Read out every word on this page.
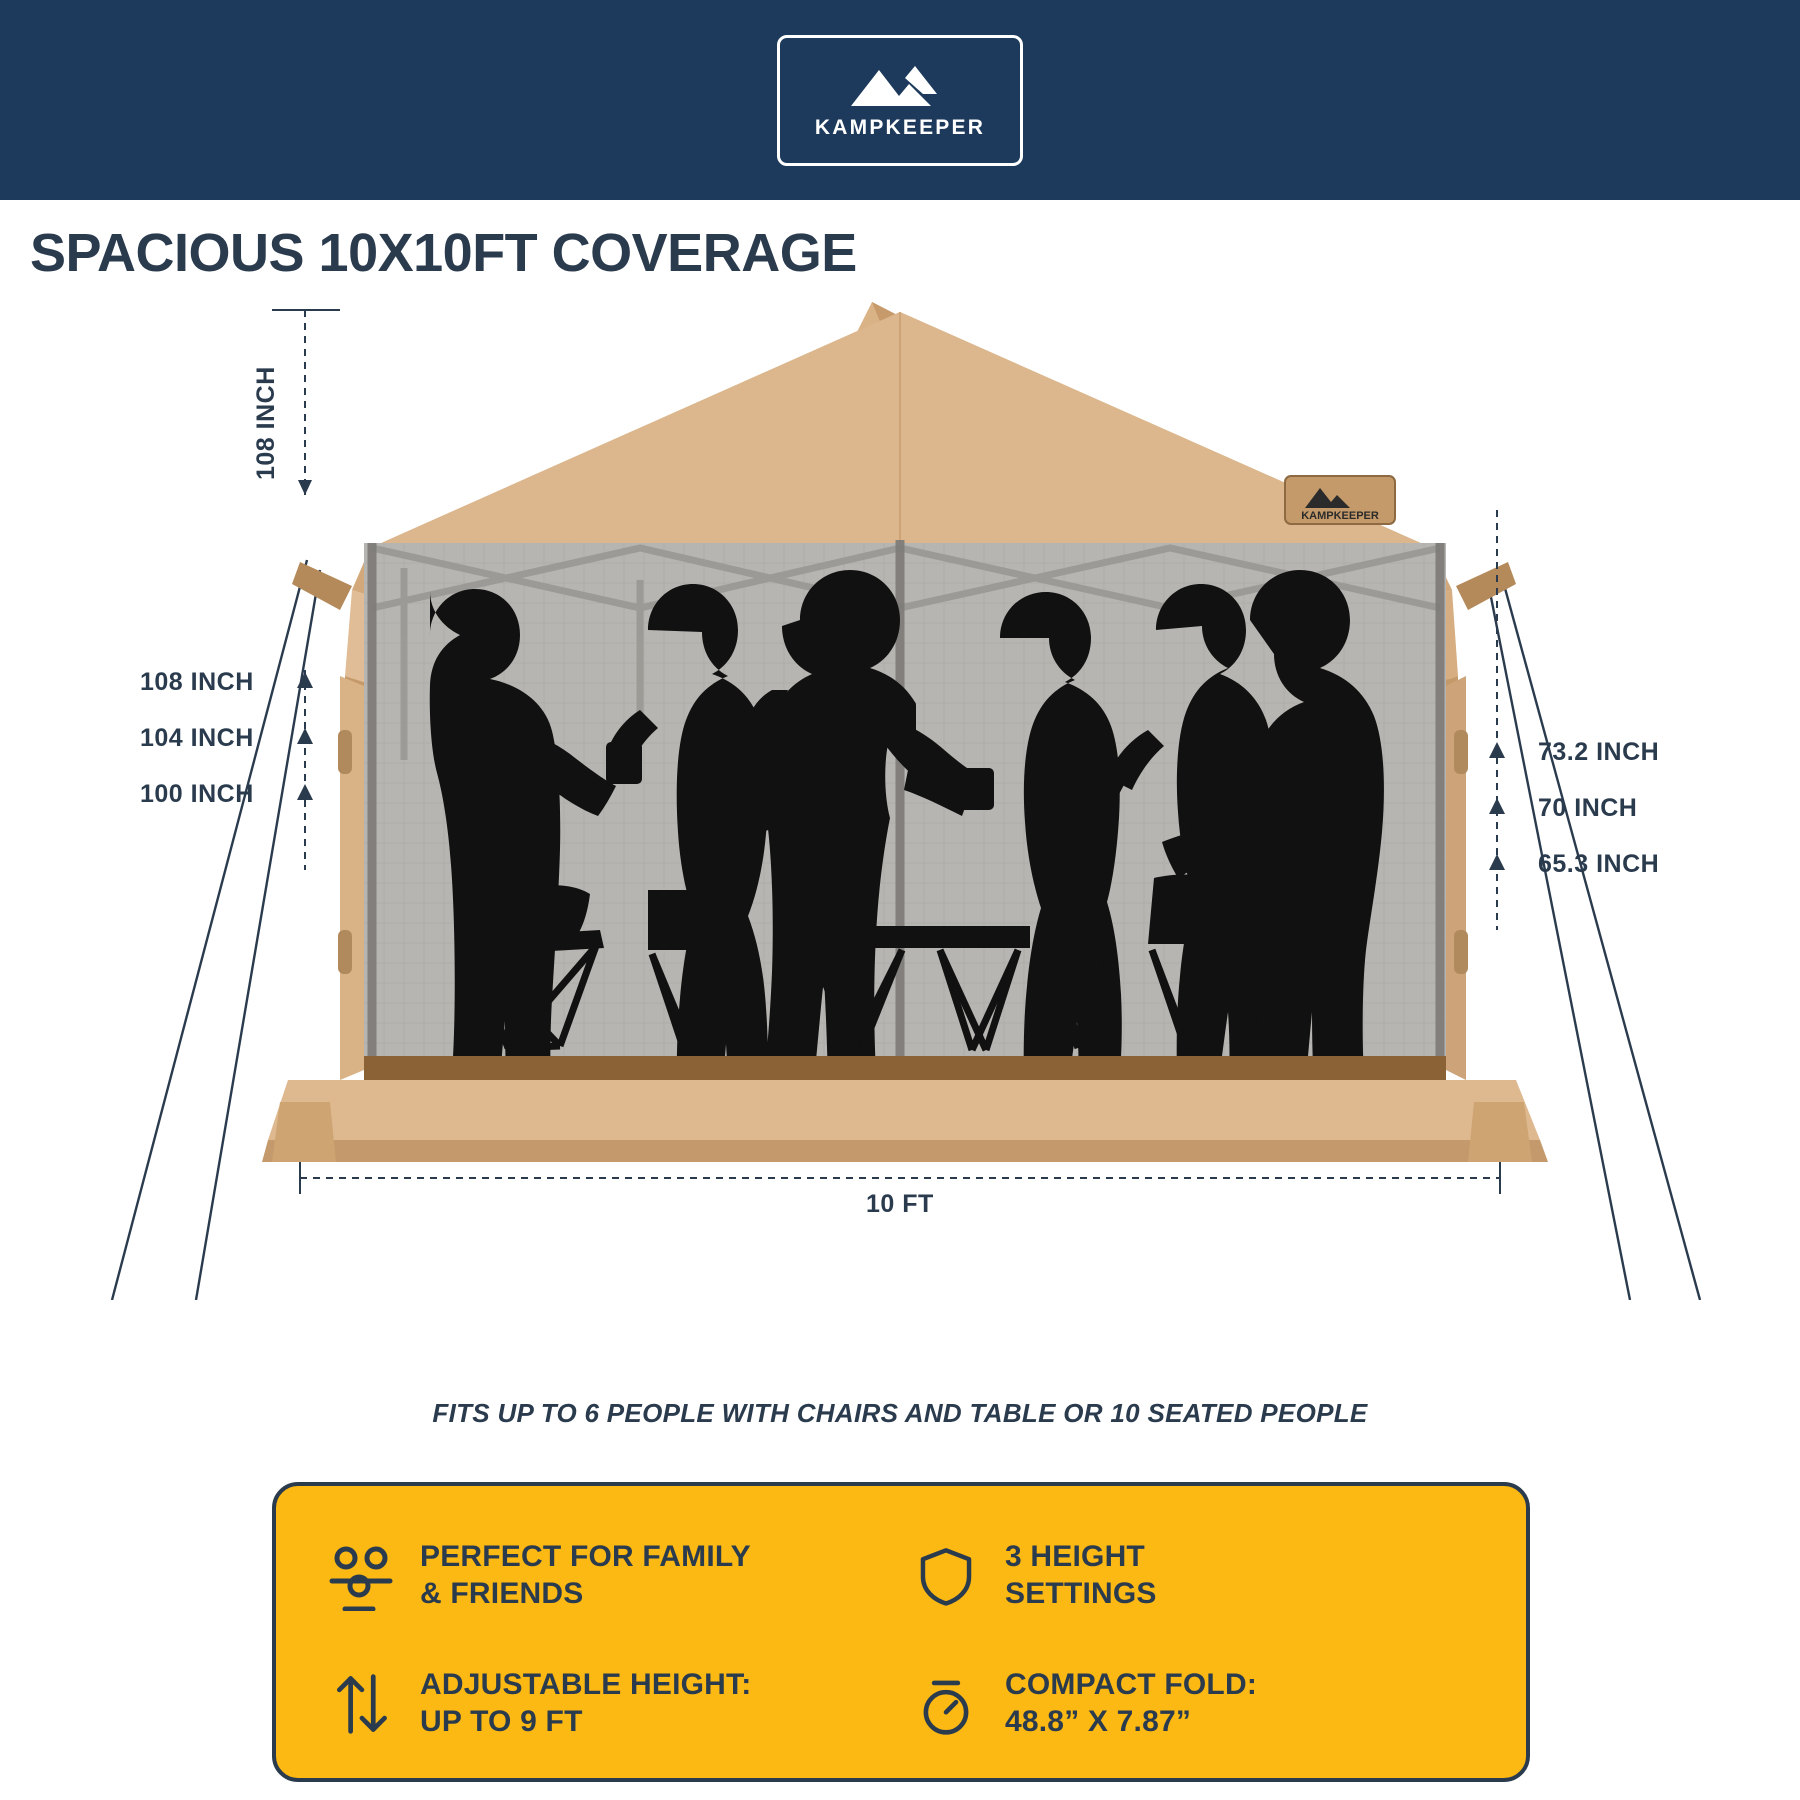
KAMPKEEPER
SPACIOUS 10X10FT COVERAGE
KAMPKEEPER
108 INCH
108 INCH
104 INCH
100 INCH
73.2 INCH
70 INCH
65.3 INCH
10 FT
FITS UP TO 6 PEOPLE WITH CHAIRS AND TABLE OR 10 SEATED PEOPLE
PERFECT FOR FAMILY
& FRIENDS
3 HEIGHT
SETTINGS
ADJUSTABLE HEIGHT:
UP TO 9 FT
COMPACT FOLD:
48.8” X 7.87”
